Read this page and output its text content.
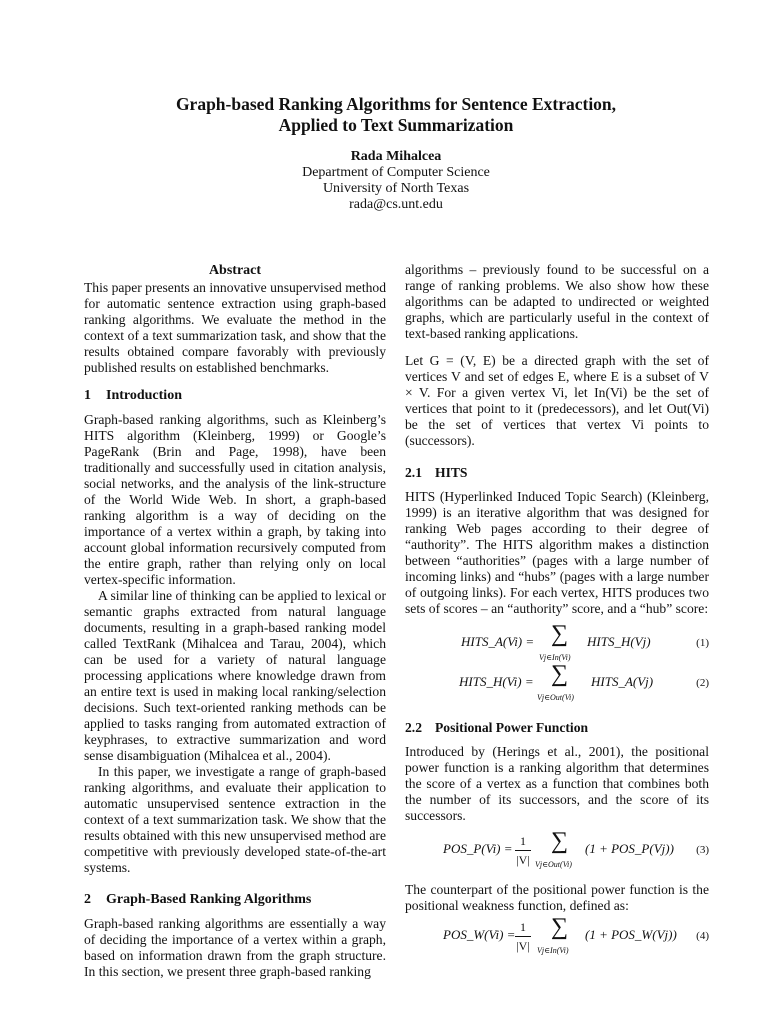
Graph-based Ranking Algorithms for Sentence Extraction,
Applied to Text Summarization
Rada Mihalcea
Department of Computer Science
University of North Texas
rada@cs.unt.edu
Abstract

This paper presents an innovative unsupervised method for automatic sentence extraction using graph-based ranking algorithms. We evaluate the method in the context of a text summarization task, and show that the results obtained compare favorably with previously published results on established benchmarks.

1 Introduction

Graph-based ranking algorithms, such as Kleinberg’s HITS algorithm (Kleinberg, 1999) or Google’s PageRank (Brin and Page, 1998), have been traditionally and successfully used in citation analysis, social networks, and the analysis of the link-structure of the World Wide Web. In short, a graph-based ranking algorithm is a way of deciding on the importance of a vertex within a graph, by taking into account global information recursively computed from the entire graph, rather than relying only on local vertex-specific information.

A similar line of thinking can be applied to lexical or semantic graphs extracted from natural language documents, resulting in a graph-based ranking model called TextRank (Mihalcea and Tarau, 2004), which can be used for a variety of natural language processing applications where knowledge drawn from an entire text is used in making local ranking/selection decisions. Such text-oriented ranking methods can be applied to tasks ranging from automated extraction of keyphrases, to extractive summarization and word sense disambiguation (Mihalcea et al., 2004).

In this paper, we investigate a range of graph-based ranking algorithms, and evaluate their application to automatic unsupervised sentence extraction in the context of a text summarization task. We show that the results obtained with this new unsupervised method are competitive with previously developed state-of-the-art systems.

2 Graph-Based Ranking Algorithms

Graph-based ranking algorithms are essentially a way of deciding the importance of a vertex within a graph, based on information drawn from the graph structure. In this section, we present three graph-based ranking

algorithms – previously found to be successful on a range of ranking problems. We also show how these algorithms can be adapted to undirected or weighted graphs, which are particularly useful in the context of text-based ranking applications.

Let G = (V, E) be a directed graph with the set of vertices V and set of edges E, where E is a subset of V × V. For a given vertex Vi, let In(Vi) be the set of vertices that point to it (predecessors), and let Out(Vi) be the set of vertices that vertex Vi points to (successors).

2.1 HITS

HITS (Hyperlinked Induced Topic Search) (Kleinberg, 1999) is an iterative algorithm that was designed for ranking Web pages according to their degree of “authority”. The HITS algorithm makes a distinction between “authorities” (pages with a large number of incoming links) and “hubs” (pages with a large number of outgoing links). For each vertex, HITS produces two sets of scores – an “authority” score, and a “hub” score:

HITS_A(Vi) = ∑
Vj∈In(Vi)
HITS_H(Vj)	(1)
HITS_H(Vi) = ∑
Vj∈Out(Vi)
HITS_A(Vj)	(2)
2.2 Positional Power Function

Introduced by (Herings et al., 2001), the positional power function is a ranking algorithm that determines the score of a vertex as a function that combines both the number of its successors, and the score of its successors.

POS_P(Vi) = 1
|V|
∑
Vj∈Out(Vi)
(1 + POS_P(Vj)) (3)

The counterpart of the positional power function is the positional weakness function, defined as:

POS_W(Vi) = 1
|V|
∑
Vj∈In(Vi)
(1 + POS_W(Vj)) (4)
